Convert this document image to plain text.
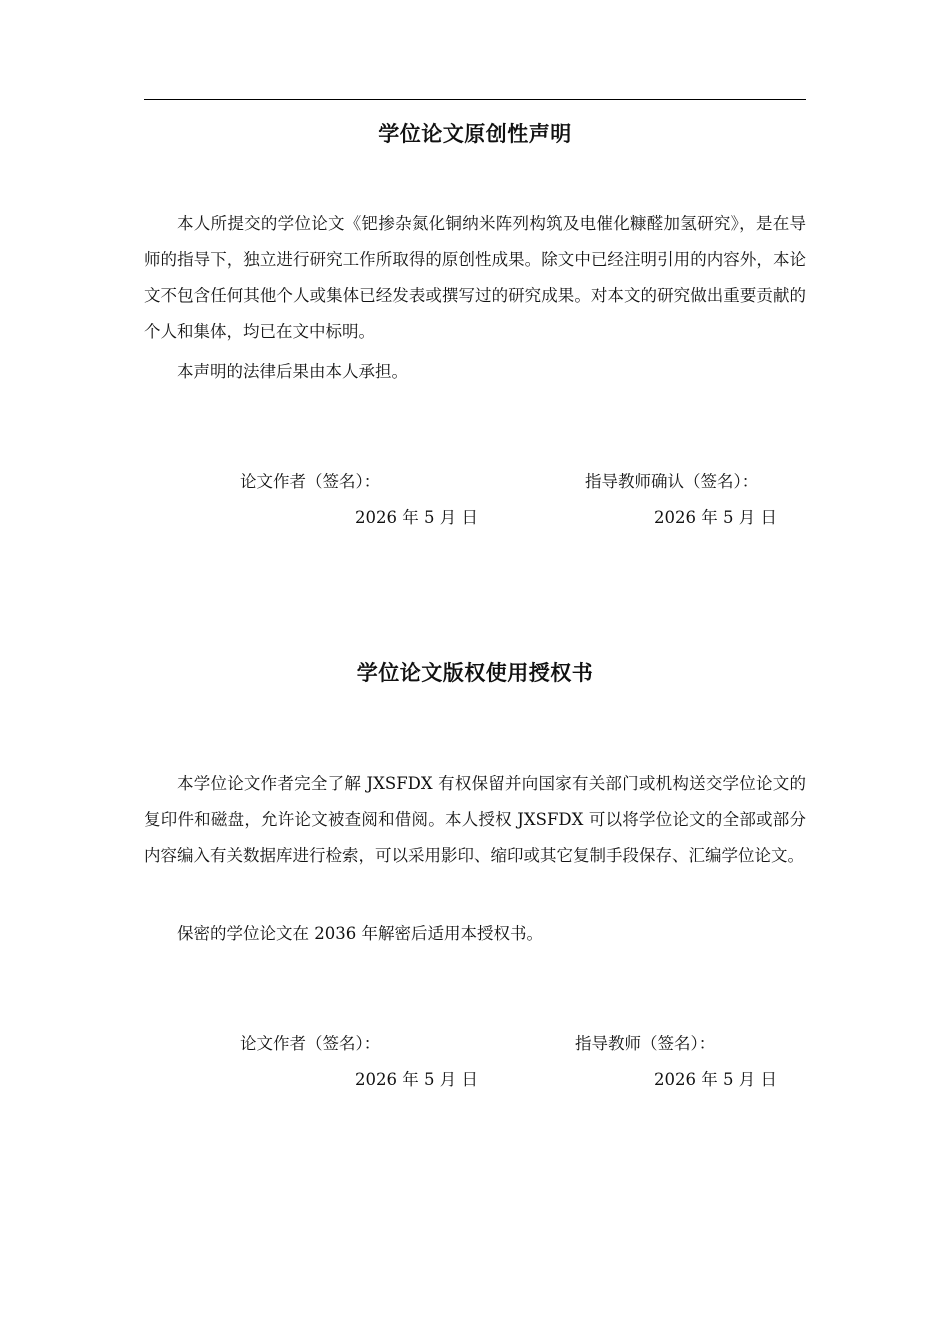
学位论文原创性声明

本人所提交的学位论文《钯掺杂氮化铜纳米阵列构筑及电催化糠醛加氢研究》，是在导师的指导下，独立进行研究工作所取得的原创性成果。除文中已经注明引用的内容外，本论文不包含任何其他个人或集体已经发表或撰写过的研究成果。对本文的研究做出重要贡献的个人和集体，均已在文中标明。

本声明的法律后果由本人承担。

论文作者（签名）：	指导教师确认（签名）：
2026 年 5 月 日	2026 年 5 月 日
学位论文版权使用授权书

本学位论文作者完全了解 JXSFDX 有权保留并向国家有关部门或机构送交学位论文的复印件和磁盘，允许论文被查阅和借阅。本人授权 JXSFDX 可以将学位论文的全部或部分内容编入有关数据库进行检索，可以采用影印、缩印或其它复制手段保存、汇编学位论文。

保密的学位论文在 2036 年解密后适用本授权书。

论文作者（签名）：	指导教师（签名）：
2026 年 5 月 日	2026 年 5 月 日
